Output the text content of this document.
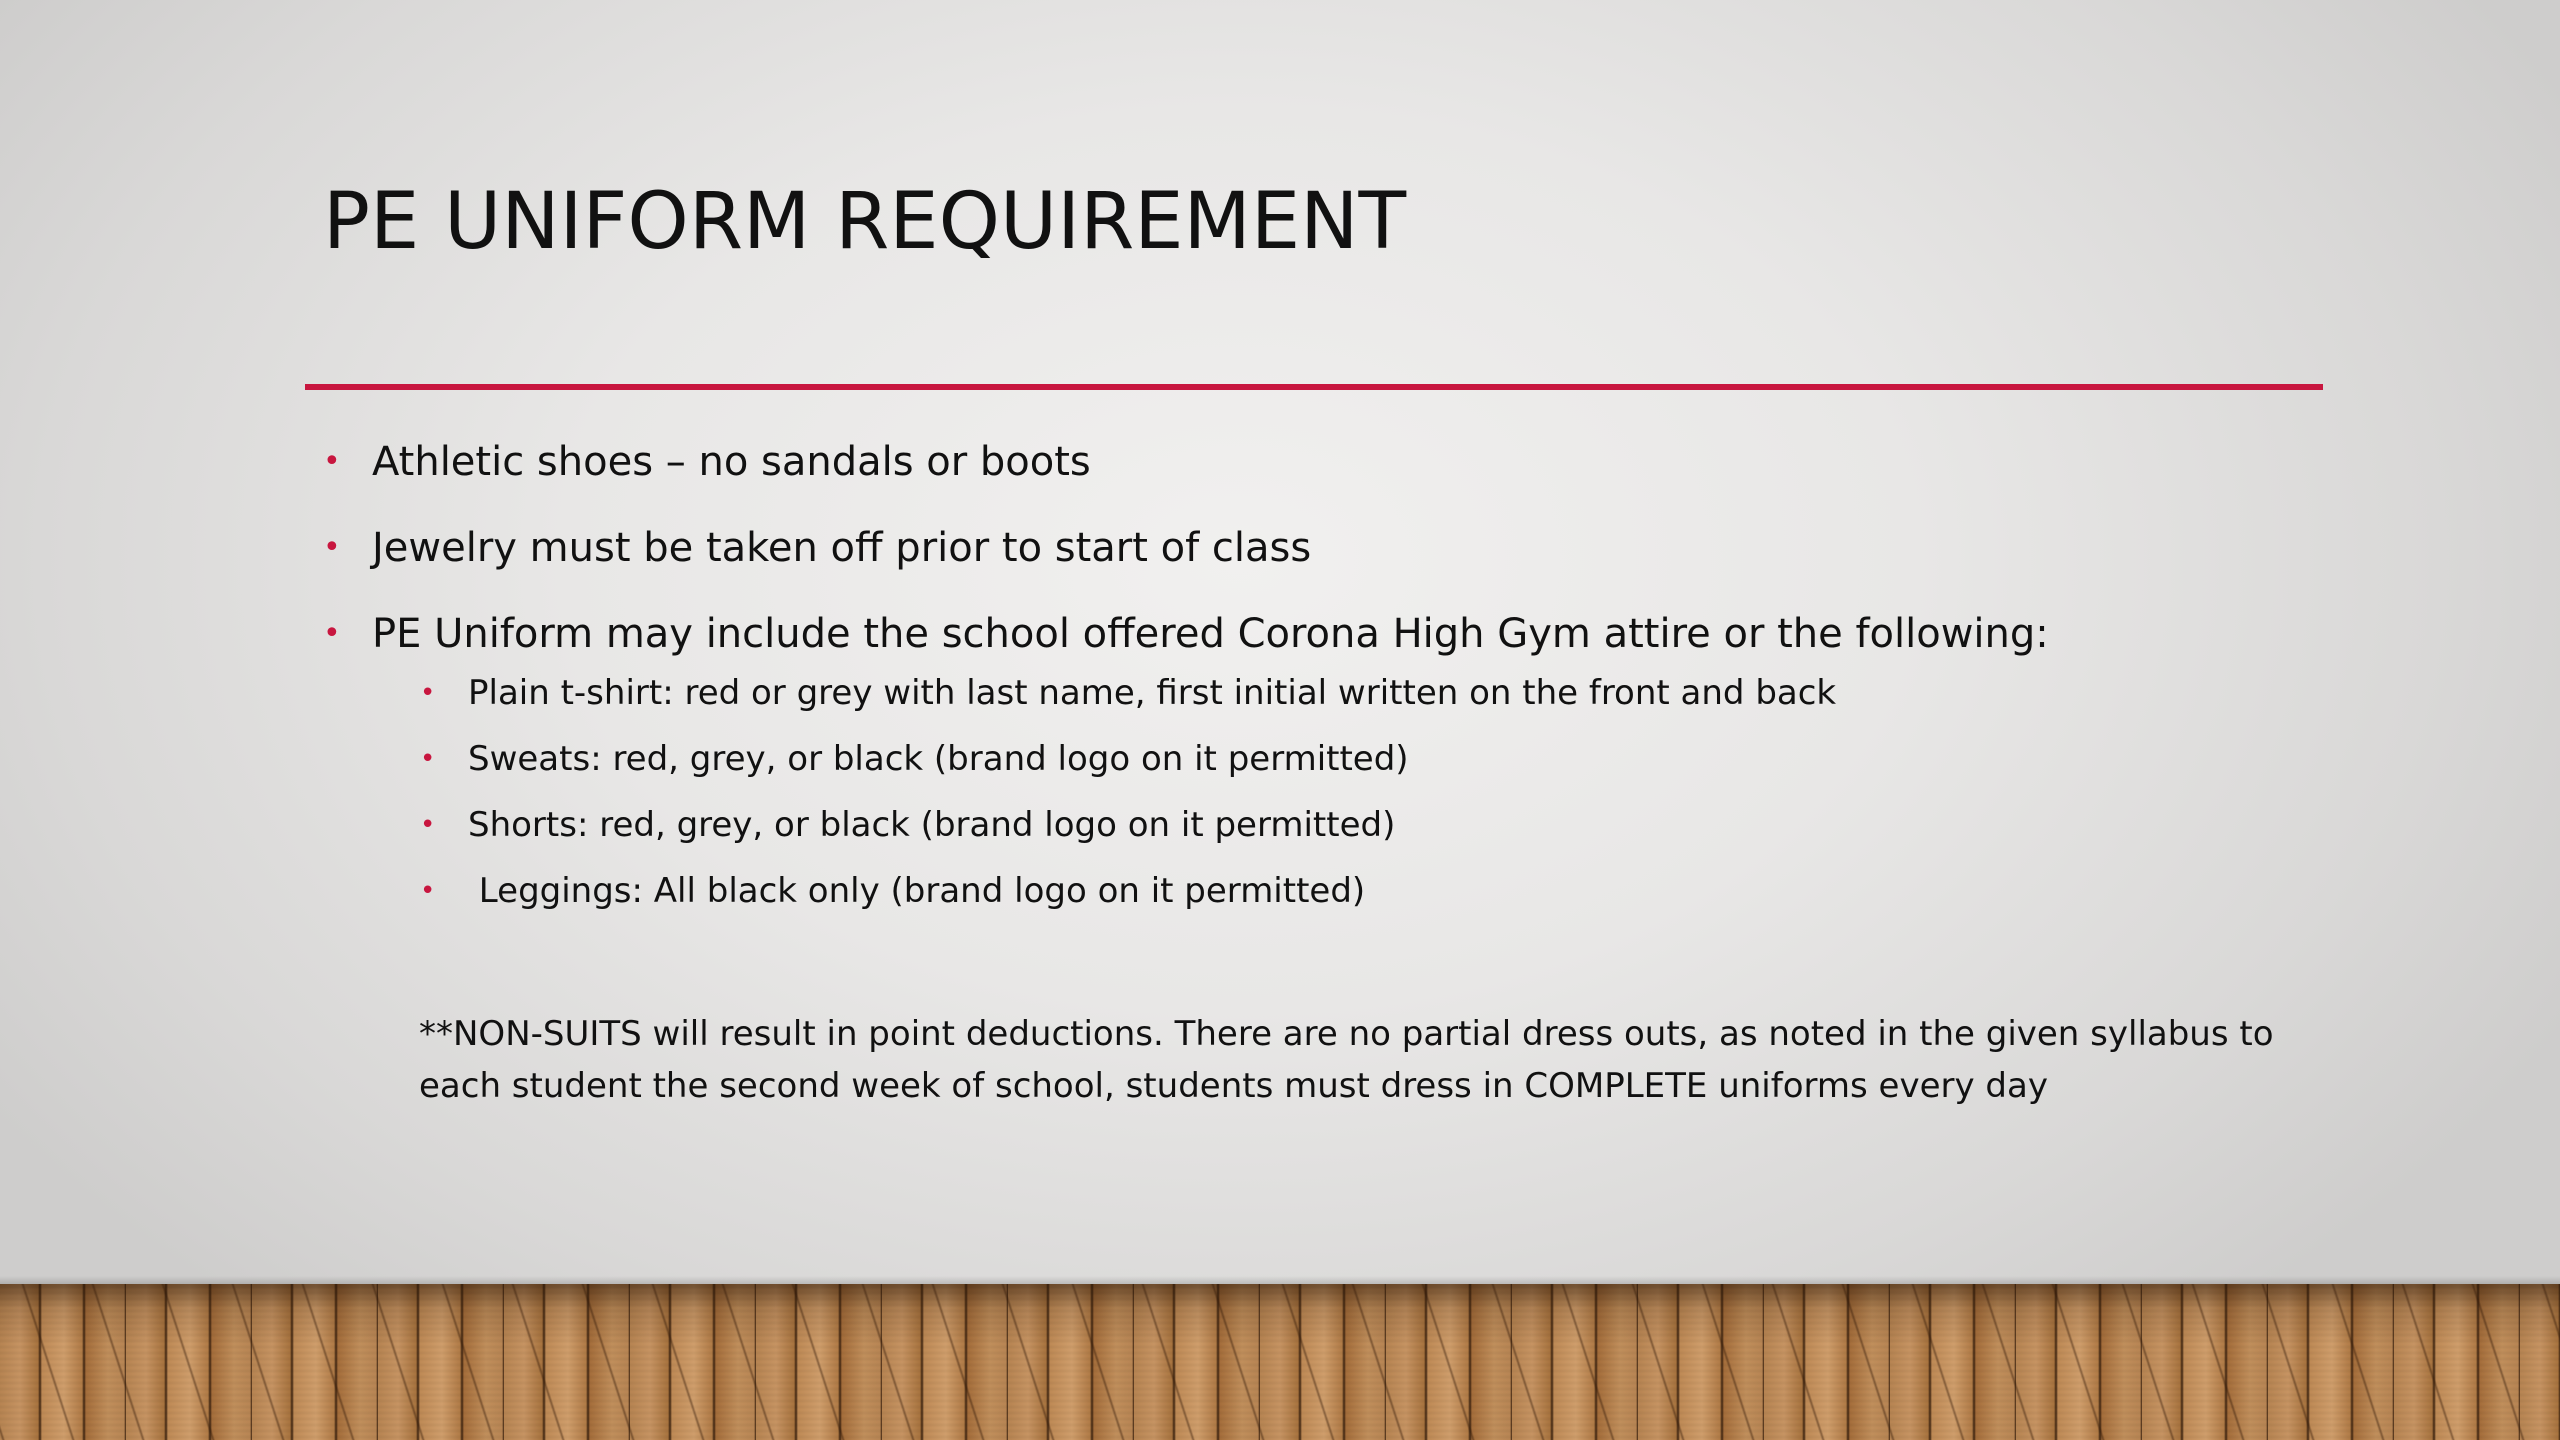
PE UNIFORM REQUIREMENT
• Athletic shoes – no sandals or boots
• Jewelry must be taken off prior to start of class
• PE Uniform may include the school offered Corona High Gym attire or the following:
• Plain t-shirt: red or grey with last name, first initial written on the front and back
• Sweats: red, grey, or black (brand logo on it permitted)
• Shorts: red, grey, or black (brand logo on it permitted)
• Leggings: All black only (brand logo on it permitted)

**NON-SUITS will result in point deductions. There are no partial dress outs, as noted in the given syllabus to each student the second week of school, students must dress in COMPLETE uniforms every day
